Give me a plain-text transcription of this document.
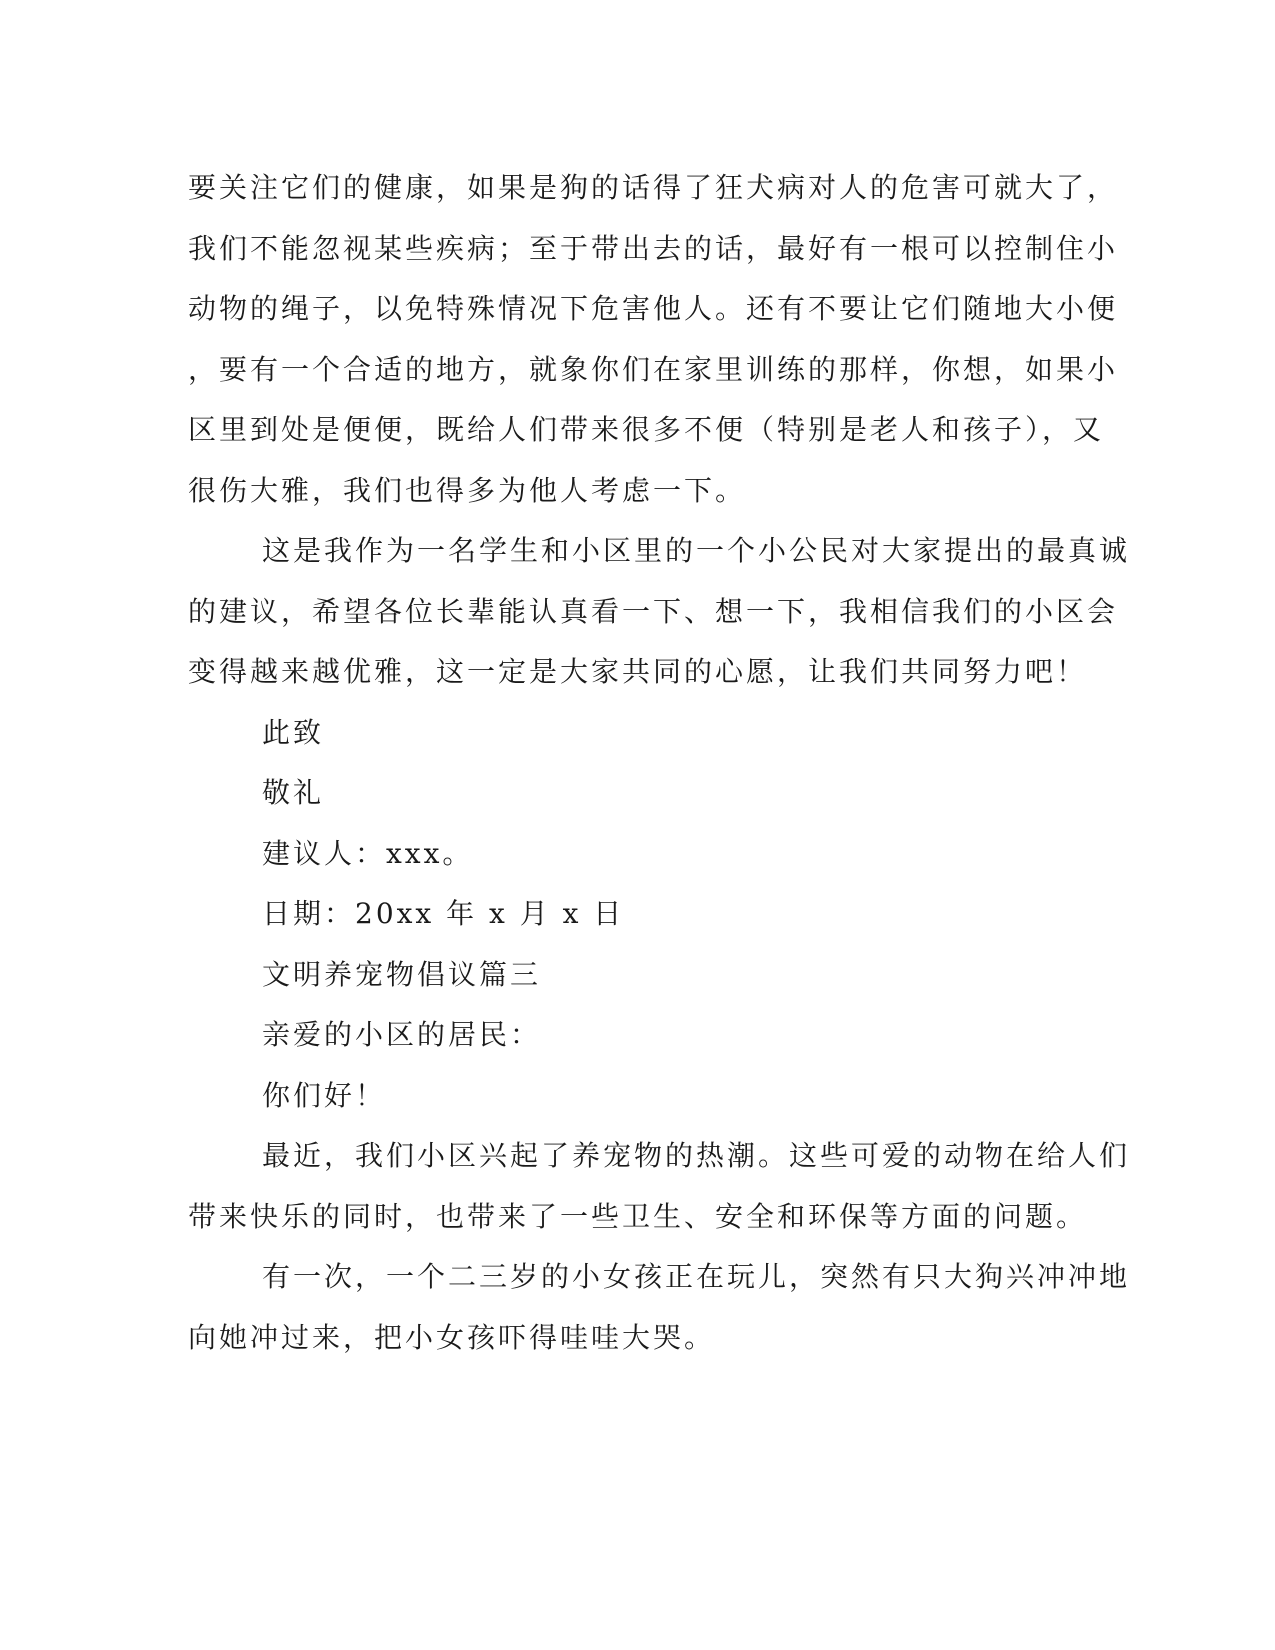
要关注它们的健康，如果是狗的话得了狂犬病对人的危害可就大了，
我们不能忽视某些疾病；至于带出去的话，最好有一根可以控制住小
动物的绳子，以免特殊情况下危害他人。还有不要让它们随地大小便
，要有一个合适的地方，就象你们在家里训练的那样，你想，如果小
区里到处是便便，既给人们带来很多不便（特别是老人和孩子），又
很伤大雅，我们也得多为他人考虑一下。
这是我作为一名学生和小区里的一个小公民对大家提出的最真诚
的建议，希望各位长辈能认真看一下、想一下，我相信我们的小区会
变得越来越优雅，这一定是大家共同的心愿，让我们共同努力吧！
此致
敬礼
建议人：xxx。
日期：20xx 年 x 月 x 日
文明养宠物倡议篇三
亲爱的小区的居民：
你们好！
最近，我们小区兴起了养宠物的热潮。这些可爱的动物在给人们
带来快乐的同时，也带来了一些卫生、安全和环保等方面的问题。
有一次，一个二三岁的小女孩正在玩儿，突然有只大狗兴冲冲地
向她冲过来，把小女孩吓得哇哇大哭。
